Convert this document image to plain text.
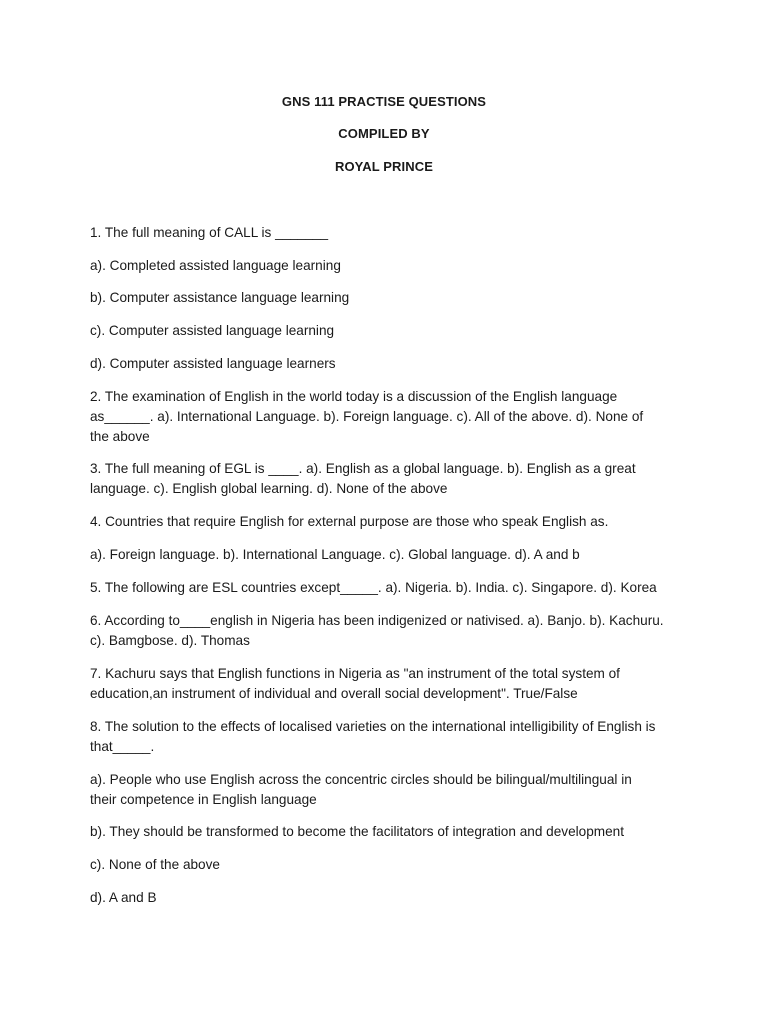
GNS 111 PRACTISE QUESTIONS
COMPILED BY
ROYAL PRINCE
1. The full meaning of CALL is _______
a). Completed assisted language learning
b). Computer assistance language learning
c). Computer assisted language learning
d). Computer assisted language learners
2. The examination of English in the world today is a discussion of the English language
as______. a). International Language. b). Foreign language. c). All of the above. d). None of
the above
3. The full meaning of EGL is ____. a). English as a global language. b). English as a great
language. c). English global learning. d). None of the above
4. Countries that require English for external purpose are those who speak English as.
a). Foreign language. b). International Language. c). Global language. d). A and b
5. The following are ESL countries except_____. a). Nigeria. b). India. c). Singapore. d). Korea
6. According to____english in Nigeria has been indigenized or nativised. a). Banjo. b). Kachuru.
c). Bamgbose. d). Thomas
7. Kachuru says that English functions in Nigeria as "an instrument of the total system of
education,an instrument of individual and overall social development". True/False
8. The solution to the effects of localised varieties on the international intelligibility of English is
that_____.
a). People who use English across the concentric circles should be bilingual/multilingual in
their competence in English language
b). They should be transformed to become the facilitators of integration and development
c). None of the above
d). A and B
